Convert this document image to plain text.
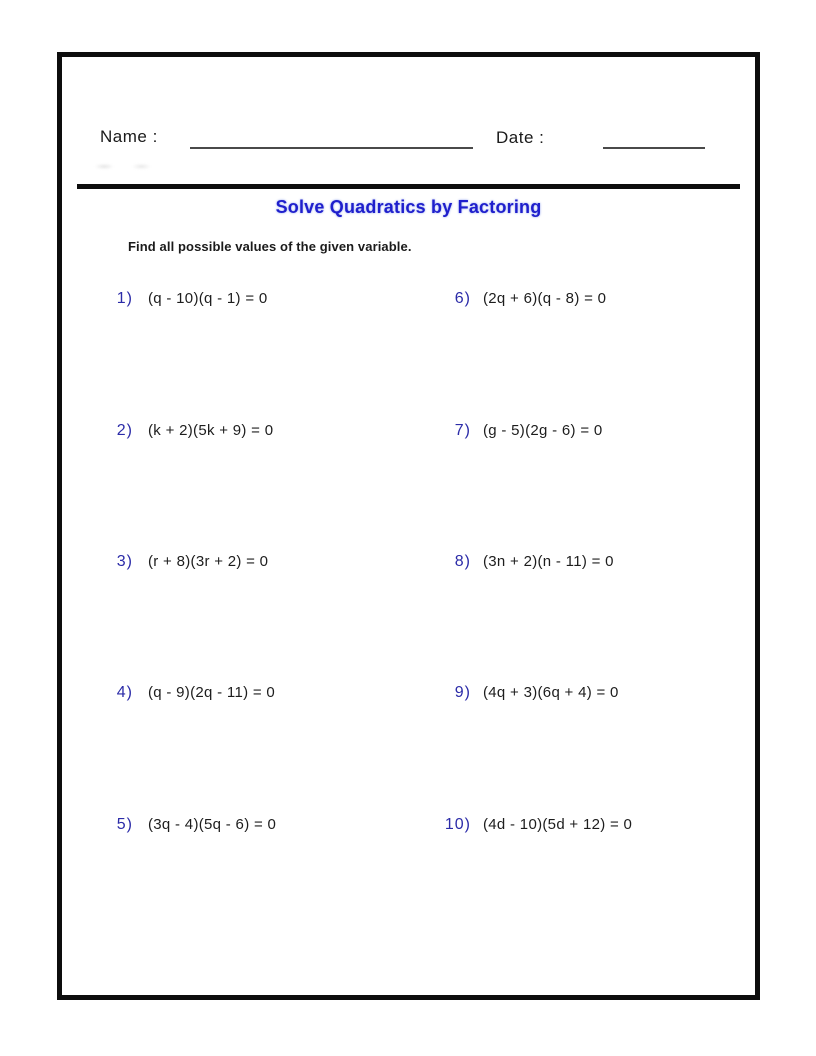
Name :	Date :
Solve Quadratics by Factoring
Find all possible values of the given variable.
1) (q - 10)(q - 1) = 0
2) (k + 2)(5k + 9) = 0
3) (r + 8)(3r + 2) = 0
4) (q - 9)(2q - 11) = 0
5) (3q - 4)(5q - 6) = 0
6) (2q + 6)(q - 8) = 0
7) (g - 5)(2g - 6) = 0
8) (3n + 2)(n - 11) = 0
9) (4q + 3)(6q + 4) = 0
10) (4d - 10)(5d + 12) = 0
